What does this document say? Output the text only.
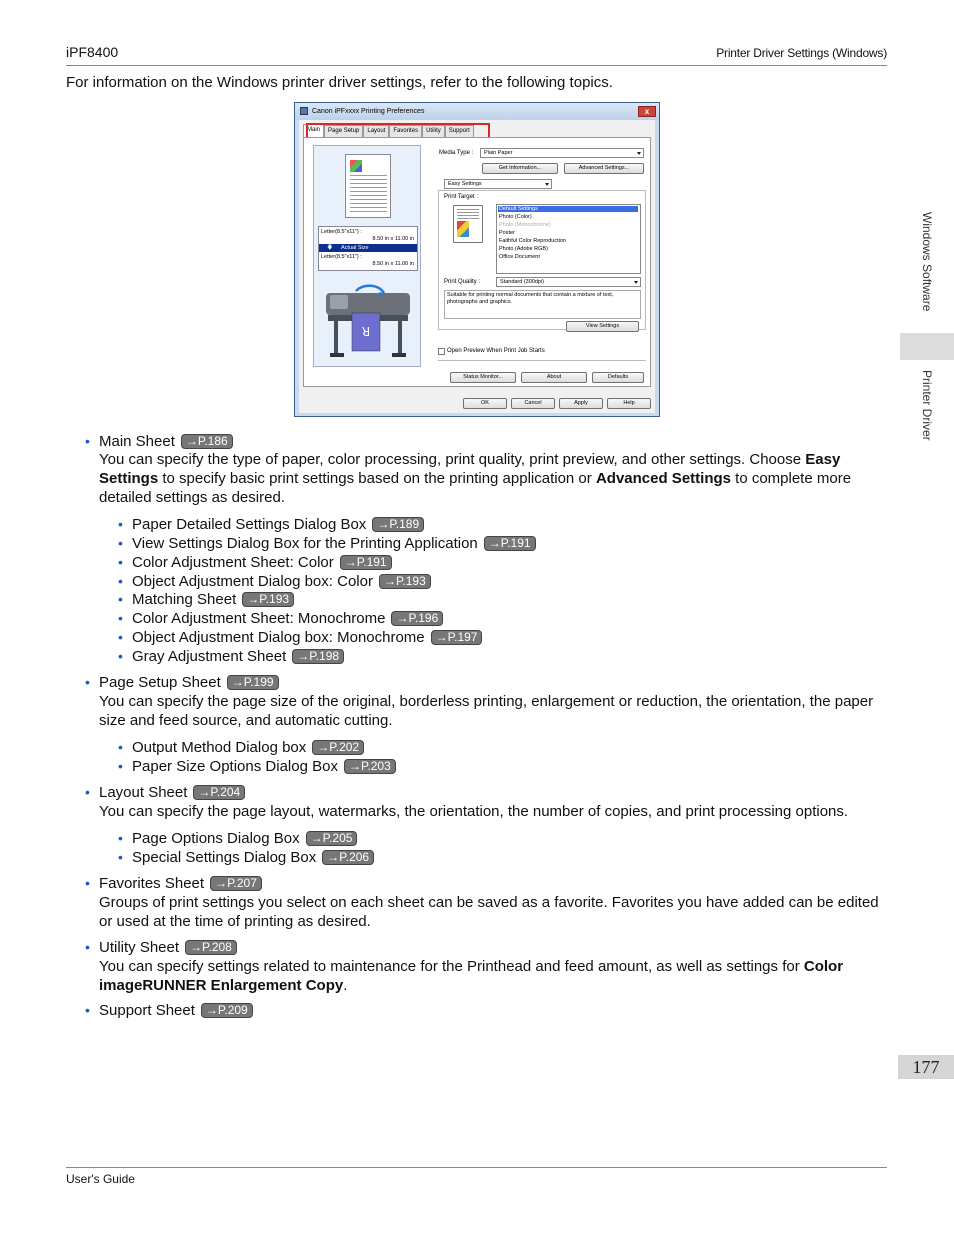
iPF8400	Printer Driver Settings (Windows)
For information on the Windows printer driver settings, refer to the following topics.
Windows Software
Printer Driver
177
Canon iPFxxxx Printing Preferences	x
Main	Page Setup	Layout	Favorites	Utility	Support
Letter(8.5"x11") :
8.50 in x 11.00 in
🡇 Actual Size
Letter(8.5"x11") :
8.50 in x 11.00 in
R
Media Type :	Plain Paper
Get Information...	Advanced Settings...
Easy Settings
Print Target :
Default Settings
Photo (Color)
Photo (Monochrome)
Poster
Faithful Color Reproduction
Photo (Adobe RGB)
Office Document
Print Quality :	Standard (300dpi)
Suitable for printing normal documents that contain a mixture of text, photographs and graphics.
View Settings
Open Preview When Print Job Starts
Status Monitor...	About	Defaults
OK	Cancel	Apply	Help
• Main Sheet →P.186
You can specify the type of paper, color processing, print quality, print preview, and other settings. Choose Easy Settings to specify basic print settings based on the printing application or Advanced Settings to complete more detailed settings as desired.
• Paper Detailed Settings Dialog Box →P.189
• View Settings Dialog Box for the Printing Application →P.191
• Color Adjustment Sheet: Color →P.191
• Object Adjustment Dialog box: Color →P.193
• Matching Sheet →P.193
• Color Adjustment Sheet: Monochrome →P.196
• Object Adjustment Dialog box: Monochrome →P.197
• Gray Adjustment Sheet →P.198
• Page Setup Sheet →P.199
You can specify the page size of the original, borderless printing, enlargement or reduction, the orientation, the paper size and feed source, and automatic cutting.
• Output Method Dialog box →P.202
• Paper Size Options Dialog Box →P.203
• Layout Sheet →P.204
You can specify the page layout, watermarks, the orientation, the number of copies, and print processing options.
• Page Options Dialog Box →P.205
• Special Settings Dialog Box →P.206
• Favorites Sheet →P.207
Groups of print settings you select on each sheet can be saved as a favorite. Favorites you have added can be edited or used at the time of printing as desired.
• Utility Sheet →P.208
You can specify settings related to maintenance for the Printhead and feed amount, as well as settings for Color imageRUNNER Enlargement Copy.
• Support Sheet →P.209
User's Guide
